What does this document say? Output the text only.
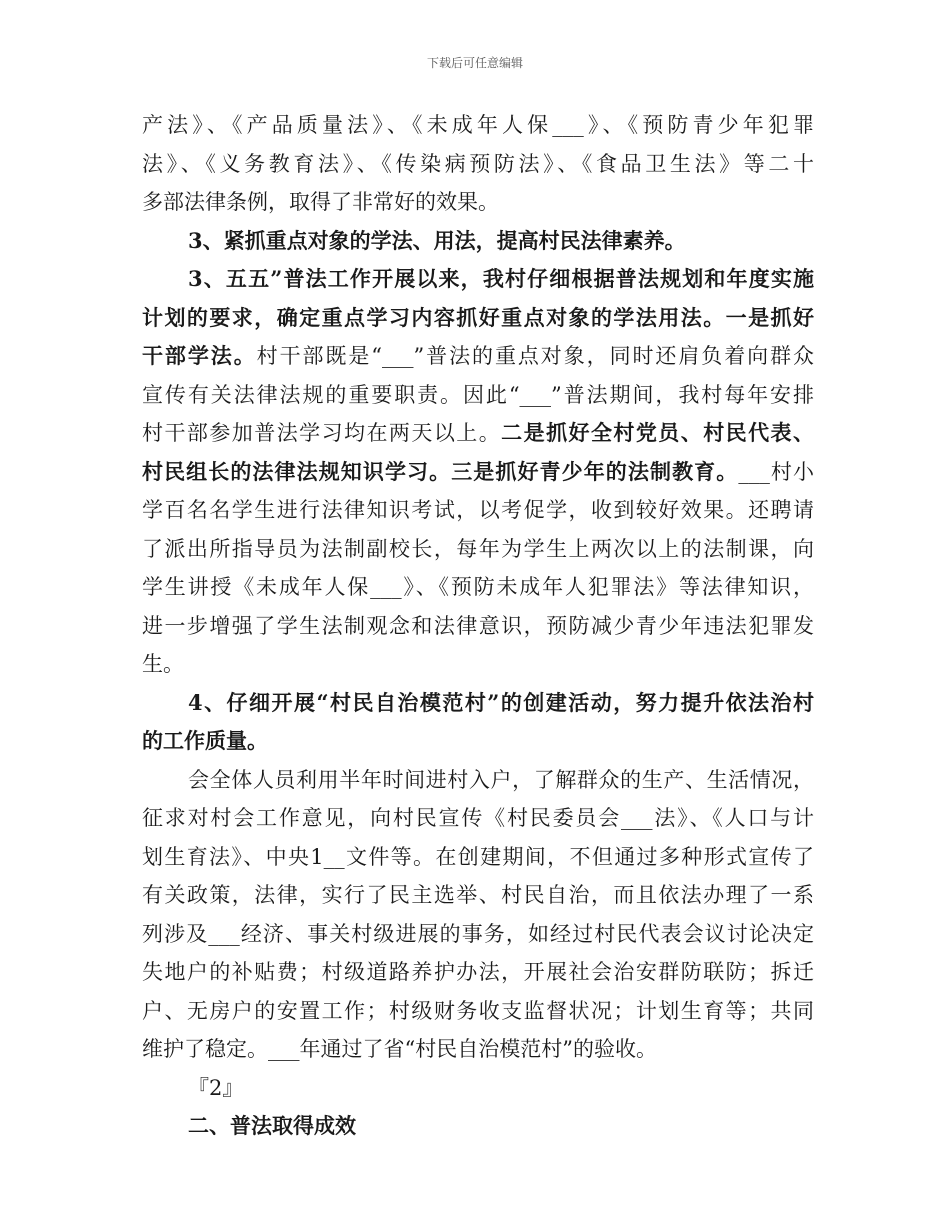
下载后可任意编辑
产法》、《产品质量法》、《未成年人保___》、《预防青少年犯罪
法》、《义务教育法》、《传染病预防法》、《食品卫生法》等二十
多部法律条例，取得了非常好的效果。
3、紧抓重点对象的学法、用法，提高村民法律素养。
3、五五”普法工作开展以来，我村仔细根据普法规划和年度实施
计划的要求，确定重点学习内容抓好重点对象的学法用法。一是抓好
干部学法。村干部既是“___”普法的重点对象，同时还肩负着向群众
宣传有关法律法规的重要职责。因此“___”普法期间，我村每年安排
村干部参加普法学习均在两天以上。二是抓好全村党员、村民代表、
村民组长的法律法规知识学习。三是抓好青少年的法制教育。___村小
学百名名学生进行法律知识考试，以考促学，收到较好效果。还聘请
了派出所指导员为法制副校长，每年为学生上两次以上的法制课，向
学生讲授《未成年人保___》、《预防未成年人犯罪法》等法律知识，
进一步增强了学生法制观念和法律意识，预防减少青少年违法犯罪发
生。
4、仔细开展“村民自治模范村”的创建活动，努力提升依法治村
的工作质量。
会全体人员利用半年时间进村入户，了解群众的生产、生活情况，
征求对村会工作意见，向村民宣传《村民委员会___法》、《人口与计
划生育法》、中央1__文件等。在创建期间，不但通过多种形式宣传了
有关政策，法律，实行了民主选举、村民自治，而且依法办理了一系
列涉及___经济、事关村级进展的事务，如经过村民代表会议讨论决定
失地户的补贴费；村级道路养护办法，开展社会治安群防联防；拆迁
户、无房户的安置工作；村级财务收支监督状况；计划生育等；共同
维护了稳定。___年通过了省“村民自治模范村”的验收。
『2』
二、普法取得成效
